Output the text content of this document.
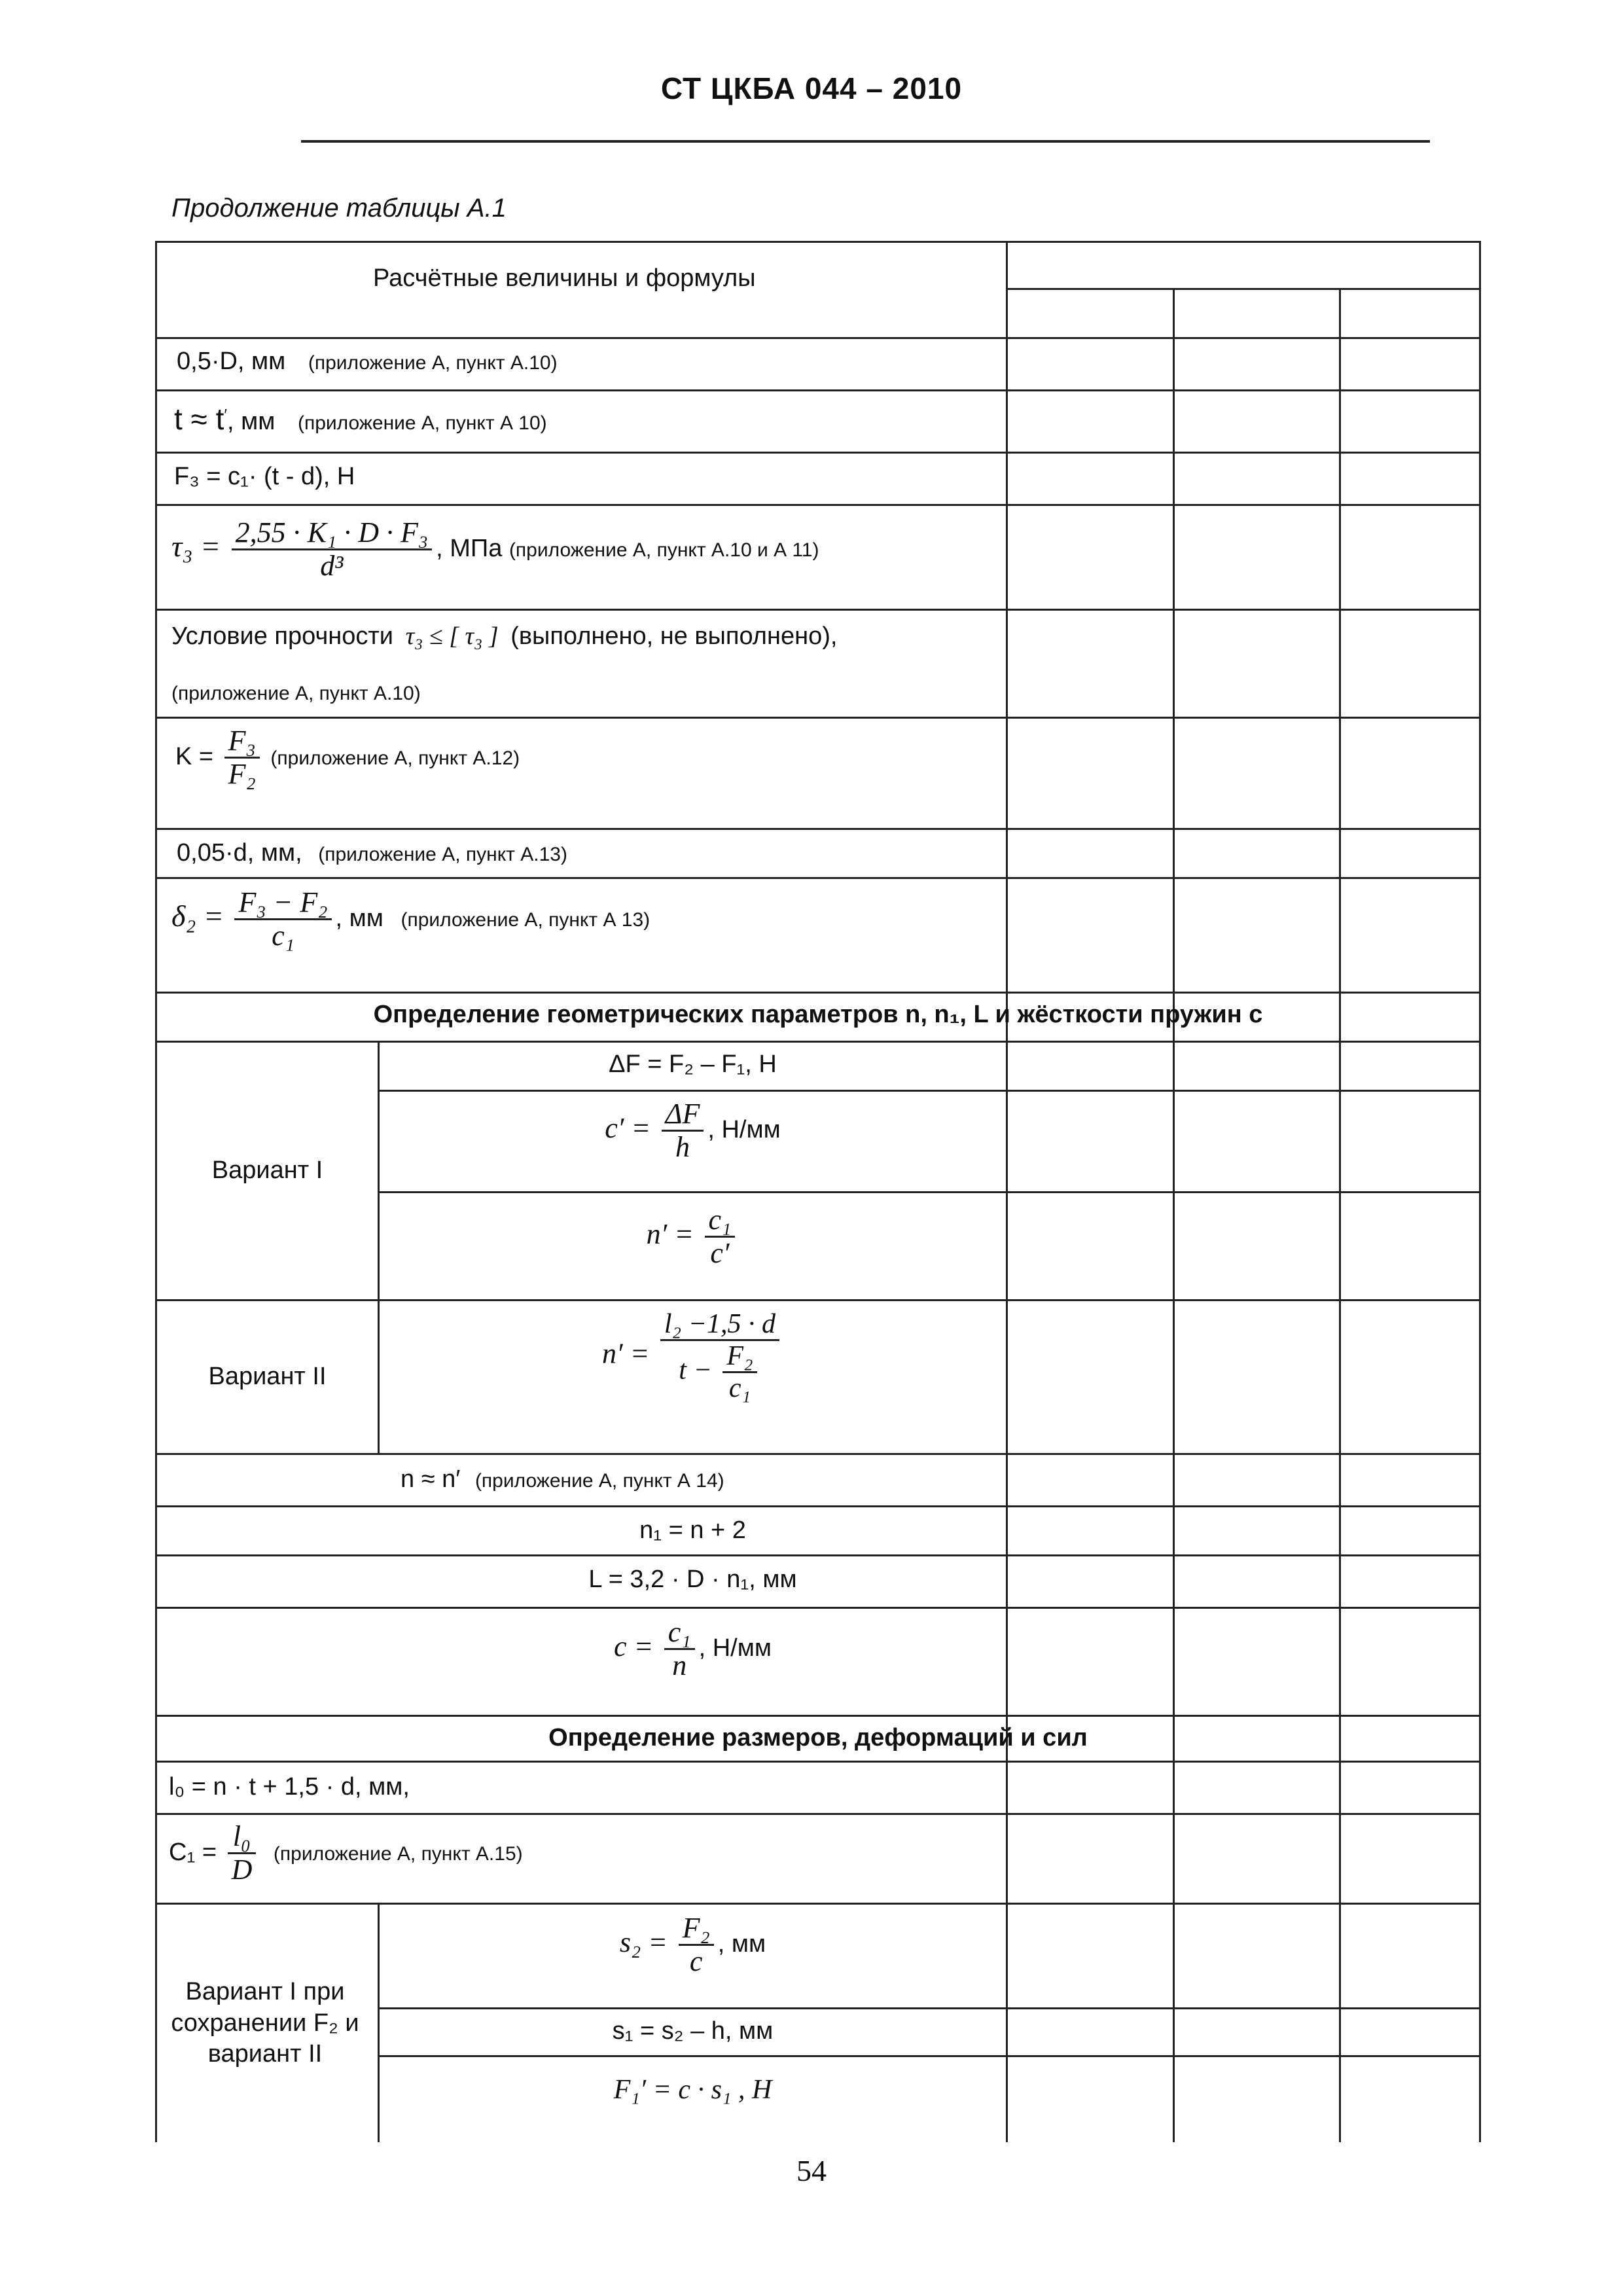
СТ ЦКБА 044 – 2010
Продолжение таблицы А.1
Расчётные величины и формулы
0,5·D, мм (приложение А, пункт А.10)
t ≈ t′, мм (приложение А, пункт А 10)
F₃ = c₁· (t - d), Н
$\tau_3 = \frac{\text{2,55 · K₁ · D · F₃}}{\text{d³}}$ , МПа (приложение А, пункт А.10 и А 11)
Условие прочности τ₃ ≤ [ τ₃ ] (выполнено, не выполнено),
(приложение А, пункт А.10)
$K = \frac{\text{F₃}}{\text{F₂}}$ (приложение А, пункт А.12)
0,05·d, мм, (приложение А, пункт А.13)
$\delta_2 = \frac{\text{F₃ − F₂}}{\text{c₁}}$ , мм (приложение А, пункт А 13)
Определение геометрических параметров n, n₁, L и жёсткости пружин c
Вариант I
ΔF = F₂ – F₁, Н
$c' = \frac{\Delta F}{h}$ , Н/мм
$n' = \frac{\text{c₁}}{c'}$
Вариант II
$n' = \frac{\text{l₂ −1,5 · d}}{t - \frac{\text{F₂}}{\text{c₁}}}$
n ≈ n′ (приложение А, пункт А 14)
n₁ = n + 2
L = 3,2 · D · n₁, мм
$c = \frac{\text{c₁}}{n}$ , Н/мм
Определение размеров, деформаций и сил
l₀ = n · t + 1,5 · d, мм,
$C_1 = \frac{\text{l₀}}{D}$ (приложение А, пункт А.15)
Вариант I при сохранении F₂ и вариант II
$s_2 = \frac{\text{F₂}}{c}$ , мм
s₁ = s₂ – h, мм
F₁′ = c · s₁ , Н
54
